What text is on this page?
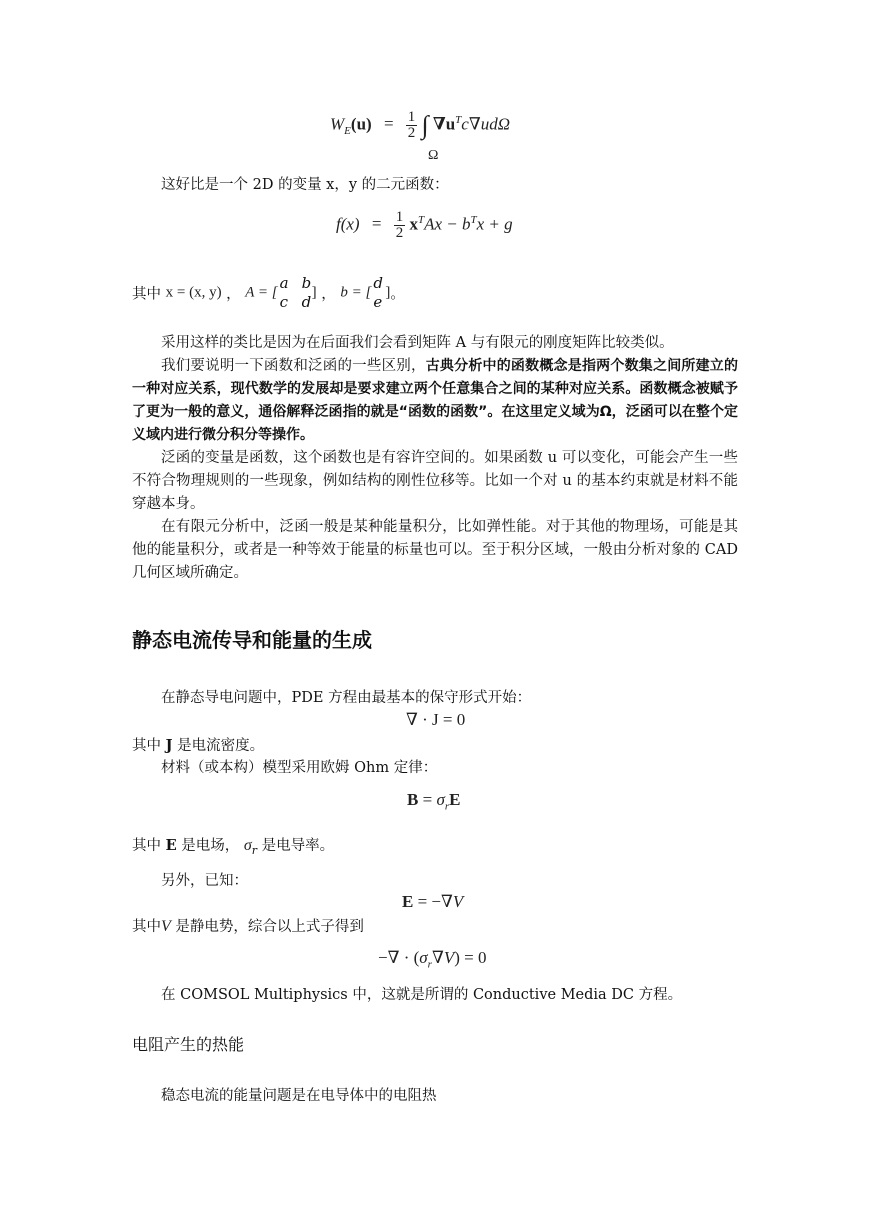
$W_E(u) = \frac{1}{2}$ ∫ $\nabla u^Tc\nabla ud\Omega$
Ω
这好比是一个 2D 的变量 x，y 的二元函数：
$f(x) = \frac{1}{2} x^TAx - b^Tx + g$
其中 x = (x, y) ， A = [
a b
c d
] ， b = [
d
e
]。
采用这样的类比是因为在后面我们会看到矩阵 A 与有限元的刚度矩阵比较类似。
我们要说明一下函数和泛函的一些区别，古典分析中的函数概念是指两个数集之间所建立的一种对应关系，现代数学的发展却是要求建立两个任意集合之间的某种对应关系。函数概念被赋予了更为一般的意义，通俗解释泛函指的就是“函数的函数”。在这里定义域为Ω，泛函可以在整个定义域内进行微分积分等操作。
泛函的变量是函数，这个函数也是有容许空间的。如果函数 u 可以变化，可能会产生一些不符合物理规则的一些现象，例如结构的刚性位移等。比如一个对 u 的基本约束就是材料不能穿越本身。
在有限元分析中，泛函一般是某种能量积分，比如弹性能。对于其他的物理场，可能是其他的能量积分，或者是一种等效于能量的标量也可以。至于积分区域，一般由分析对象的 CAD 几何区域所确定。
静态电流传导和能量的生成
在静态导电问题中，PDE 方程由最基本的保守形式开始：
∇ · J = 0
其中 J 是电流密度。
材料（或本构）模型采用欧姆 Ohm 定律：
$B = \sigma_rE$
其中 E 是电场， $\sigma_r$ 是电导率。
另外，已知：
E = −∇V
其中V 是静电势，综合以上式子得到
−∇ · $(\sigma_r\nabla V) = 0$
在 COMSOL Multiphysics 中，这就是所谓的 Conductive Media DC 方程。
电阻产生的热能
稳态电流的能量问题是在电导体中的电阻热
